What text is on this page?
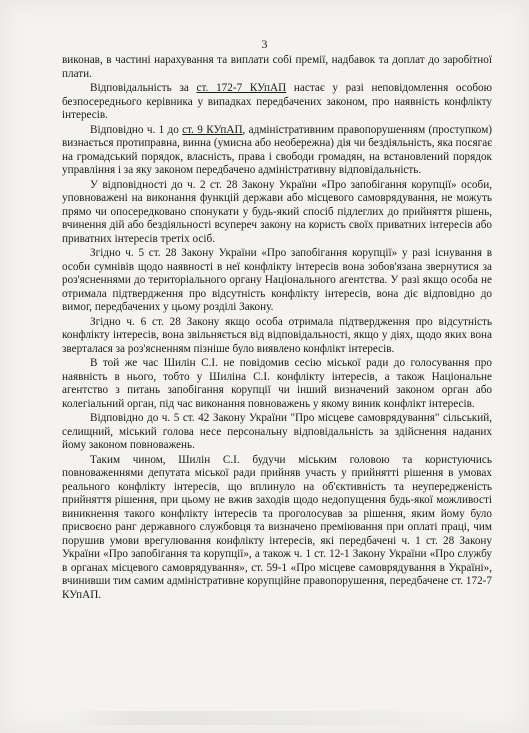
3

виконав, в частині нарахування та виплати собі премії, надбавок та доплат до заробітної плати.

Відповідальність за ст. 172-7 КУпАП настає у разі неповідомлення особою безпосереднього керівника у випадках передбачених законом, про наявність конфлікту інтересів.

Відповідно ч. 1 до ст. 9 КУпАП, адміністративним правопорушенням (проступком) визнається протиправна, винна (умисна або необережна) дія чи бездіяльність, яка посягає на громадський порядок, власність, права і свободи громадян, на встановлений порядок управління і за яку законом передбачено адміністративну відповідальність.

У відповідності до ч. 2 ст. 28 Закону України «Про запобігання корупції» особи, уповноважені на виконання функцій держави або місцевого самоврядування, не можуть прямо чи опосередковано спонукати у будь-який спосіб підлеглих до прийняття рішень, вчинення дій або бездіяльності всупереч закону на користь своїх приватних інтересів або приватних інтересів третіх осіб.

Згідно ч. 5 ст. 28 Закону України «Про запобігання корупції» у разі існування в особи сумнівів щодо наявності в неї конфлікту інтересів вона зобов'язана звернутися за роз'ясненнями до територіального органу Національного агентства. У разі якщо особа не отримала підтвердження про відсутність конфлікту інтересів, вона діє відповідно до вимог, передбачених у цьому розділі Закону.

Згідно ч. 6 ст. 28 Закону якщо особа отримала підтвердження про відсутність конфлікту інтересів, вона звільняється від відповідальності, якщо у діях, щодо яких вона зверталася за роз'ясненням пізніше було виявлено конфлікт інтересів.

В той же час Шилін С.І. не повідомив сесію міської ради до голосування про наявність в нього, тобто у Шиліна С.І. конфлікту інтересів, а також Національне агентство з питань запобігання корупції чи інший визначений законом орган або колегіальний орган, під час виконання повноважень у якому виник конфлікт інтересів.

Відповідно до ч. 5 ст. 42 Закону України "Про місцеве самоврядування" сільський, селищний, міський голова несе персональну відповідальність за здійснення наданих йому законом повноважень.

Таким чином, Шилін С.І. будучи міським головою та користуючись повноваженнями депутата міської ради прийняв участь у прийнятті рішення в умовах реального конфлікту інтересів, що вплинуло на об'єктивність та неупередженість прийняття рішення, при цьому не вжив заходів щодо недопущення будь-якої можливості виникнення такого конфлікту інтересів та проголосував за рішення, яким йому було присвоєно ранг державного службовця та визначено преміювання при оплаті праці, чим порушив умови врегулювання конфлікту інтересів, які передбачені ч. 1 ст. 28 Закону України «Про запобігання та корупції», а також ч. 1 ст. 12-1 Закону України «Про службу в органах місцевого самоврядування», ст. 59-1 «Про місцеве самоврядування в Україні», вчинивши тим самим адміністративне корупційне правопорушення, передбачене ст. 172-7 КУпАП.
